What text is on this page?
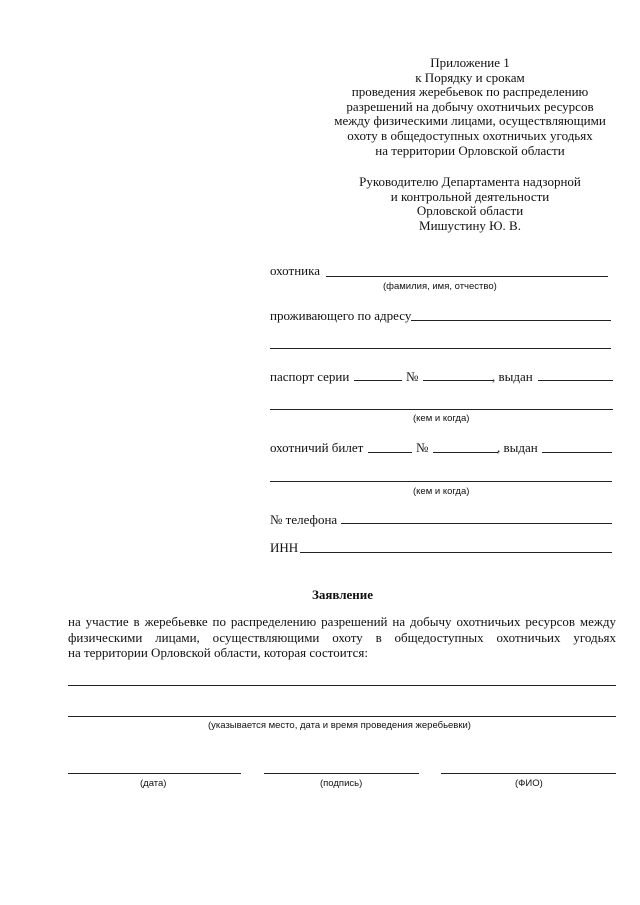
Приложение 1
к Порядку и срокам
проведения жеребьевок по распределению
разрешений на добычу охотничьих ресурсов
между физическими лицами, осуществляющими
охоту в общедоступных охотничьих угодьях
на территории Орловской области
Руководителю Департамента надзорной
и контрольной деятельности
Орловской области
Мишустину Ю. В.
охотника
(фамилия, имя, отчество)
проживающего по адресу
паспорт серии	№	, выдан
(кем и когда)
охотничий билет	№	, выдан
(кем и когда)
№ телефона
ИНН
Заявление
на участие в жеребьевке по распределению разрешений на добычу охотничьих ресурсов между
физическими лицами, осуществляющими охоту в общедоступных охотничьих угодьях
на территории Орловской области, которая состоится:
(указывается место, дата и время проведения жеребьевки)
(дата)	(подпись)	(ФИО)
